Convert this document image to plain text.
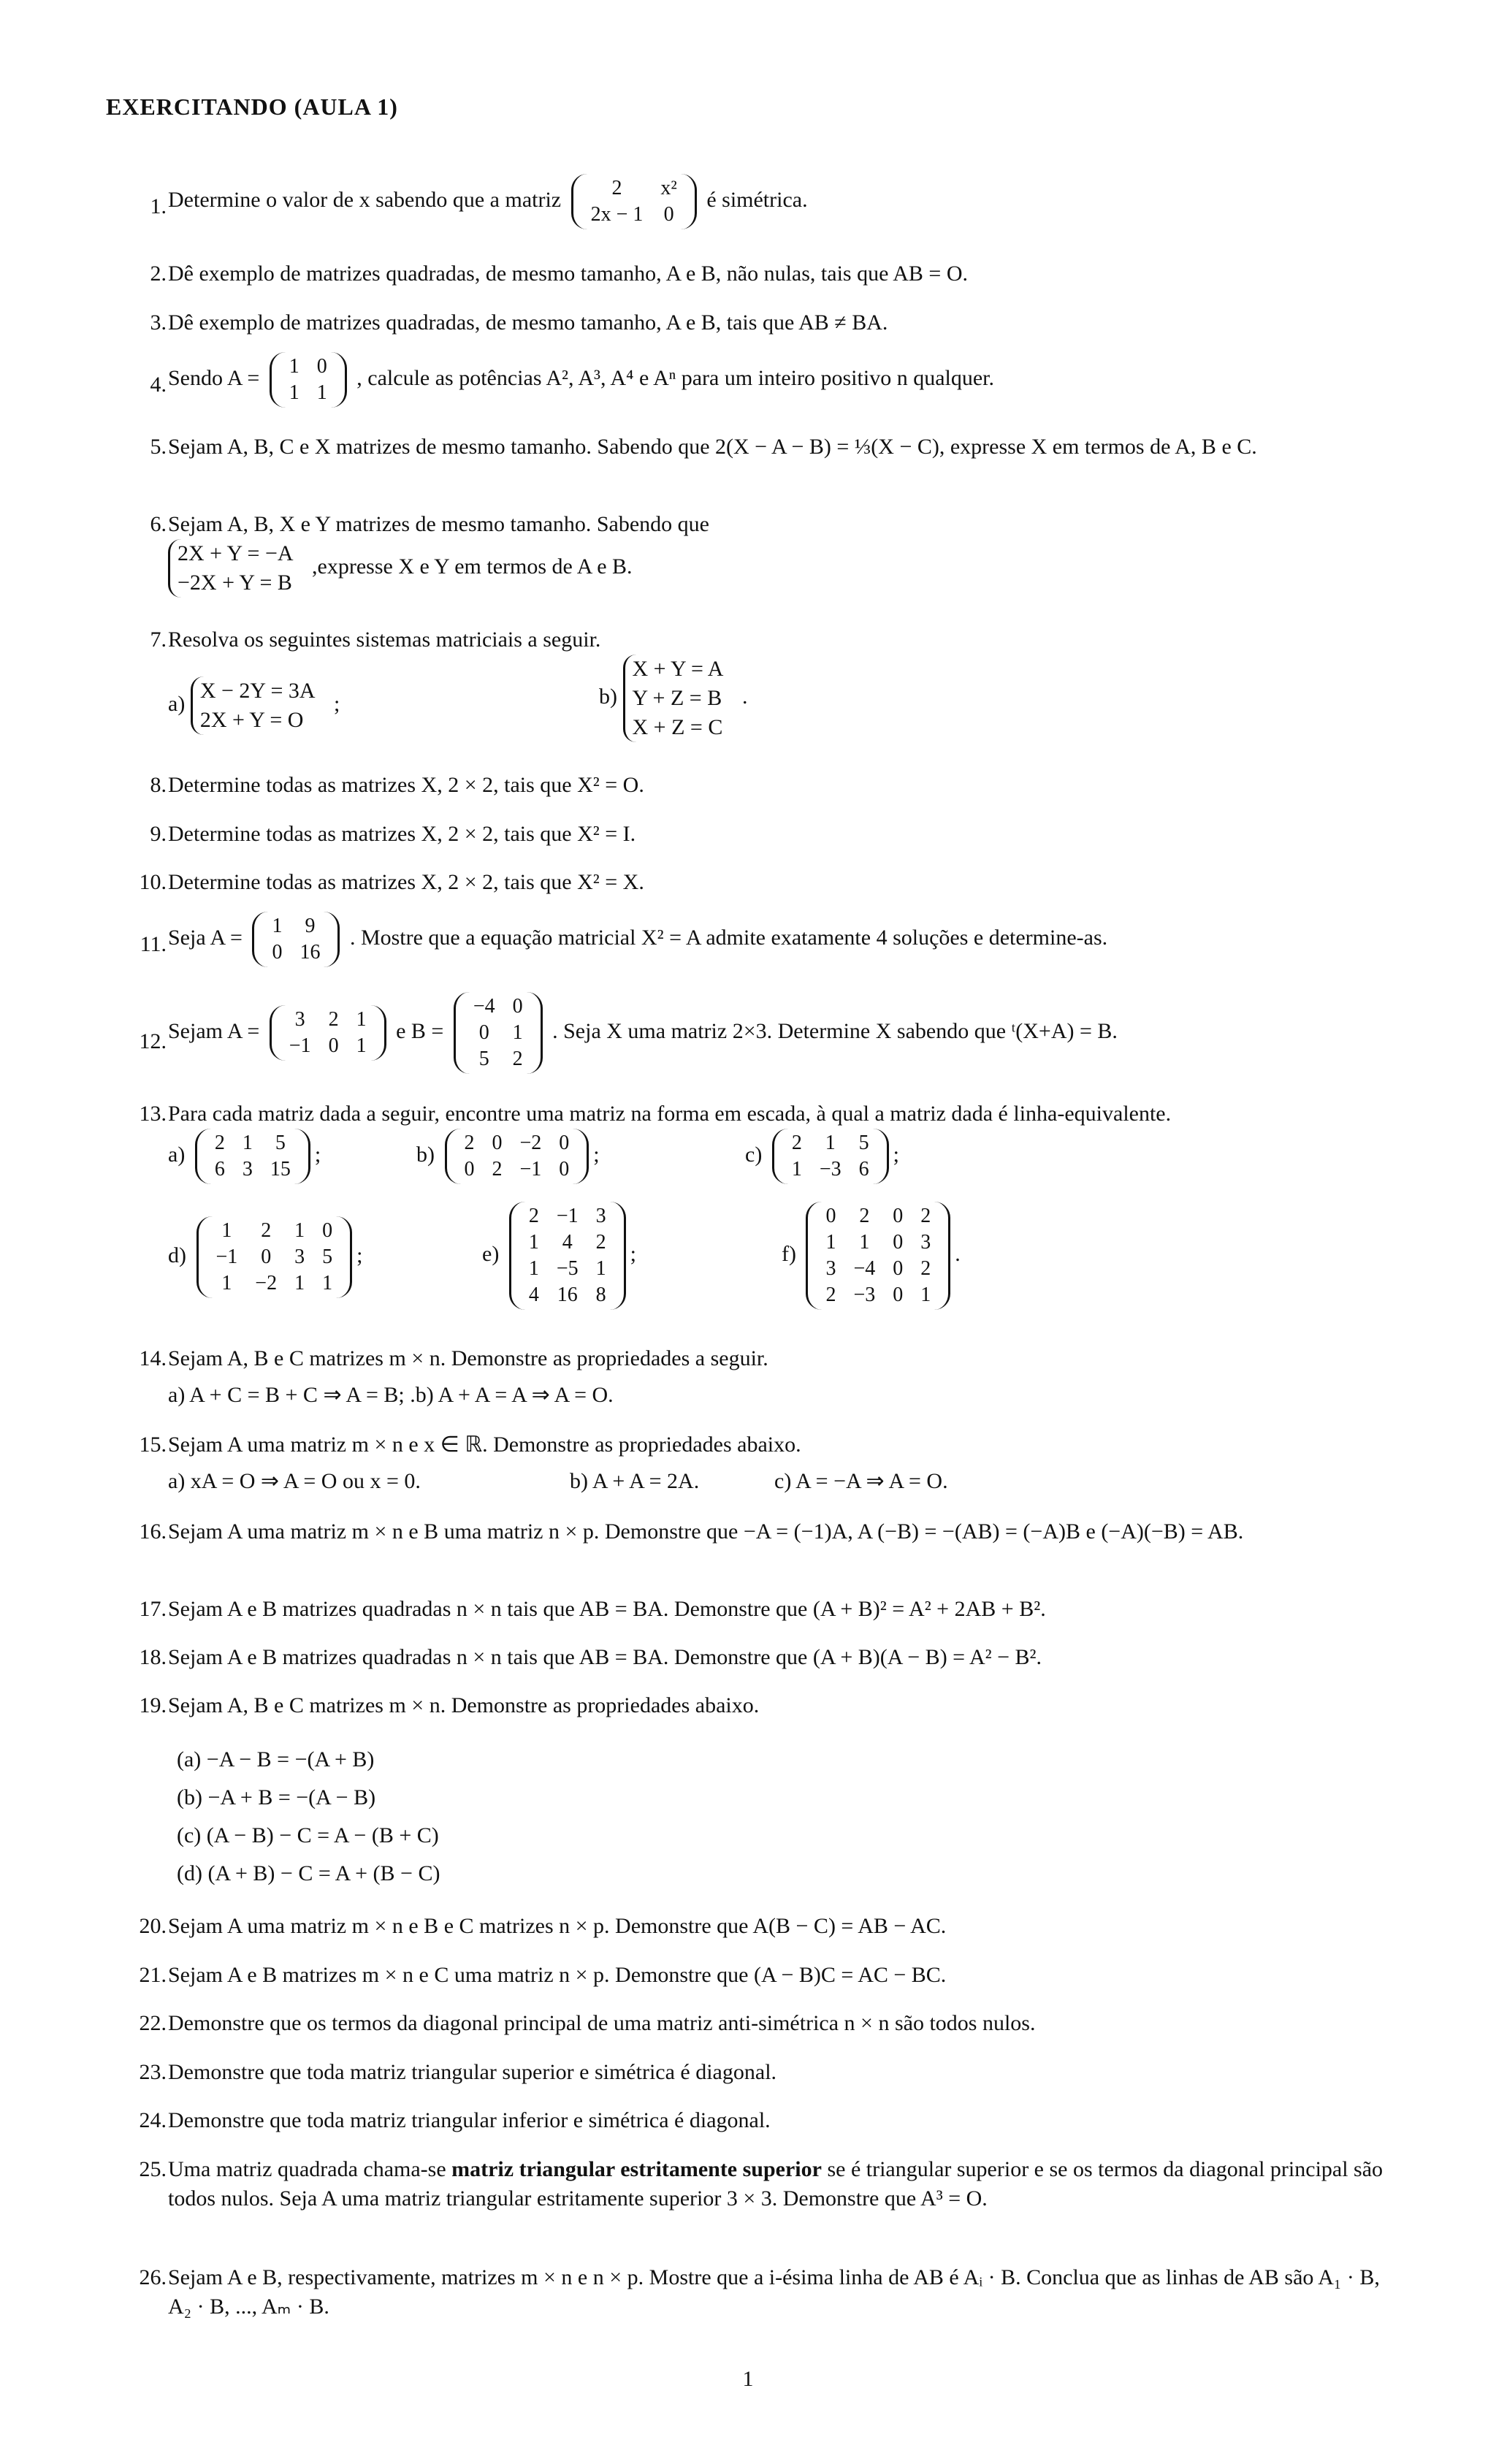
EXERCITANDO (AULA 1)
1. Determine o valor de x sabendo que a matriz 2	x²
2x − 1	0
é simétrica.
2. Dê exemplo de matrizes quadradas, de mesmo tamanho, A e B, não nulas, tais que AB = O.
3. Dê exemplo de matrizes quadradas, de mesmo tamanho, A e B, tais que AB ≠ BA.
4. Sendo A = 1	0
1	1
, calcule as potências A², A³, A⁴ e Aⁿ para um inteiro positivo n qualquer.
5. Sejam A, B, C e X matrizes de mesmo tamanho. Sabendo que 2(X − A − B) = ⅓(X − C), expresse X em termos de A, B e C.
6. Sejam A, B, X e Y matrizes de mesmo tamanho. Sabendo que
2X + Y = −A
−2X + Y = B
,expresse X e Y em termos de A e B.
7. Resolva os seguintes sistemas matriciais a seguir.
a)
X − 2Y = 3A
2X + Y = O
;	b)
X + Y = A
Y + Z = B
X + Z = C
.
8. Determine todas as matrizes X, 2 × 2, tais que X² = O.
9. Determine todas as matrizes X, 2 × 2, tais que X² = I.
10. Determine todas as matrizes X, 2 × 2, tais que X² = X.
11. Seja A = 1	9
0	16
. Mostre que a equação matricial X² = A admite exatamente 4 soluções e determine-as.
12. Sejam A = 3	2	1
−1	0	1
e B =
−4	0
0	1
5	2
. Seja X uma matriz 2×3. Determine X sabendo que ᵗ(X+A) = B.
13. Para cada matriz dada a seguir, encontre uma matriz na forma em escada, à qual a matriz dada é linha-equivalente.
a) 2	1	5
6	3	15
;	b) 2	0	−2	0
0	2	−1	0
;	c) 2	1	5
1	−3	6
;
d)
1	2	1	0
−1	0	3	5
1	−2	1	1
;	e)
2	−1	3
1	4	2
1	−5	1
4	16	8
;	f)
0	2	0	2
1	1	0	3
3	−4	0	2
2	−3	0	1
.
14. Sejam A, B e C matrizes m × n. Demonstre as propriedades a seguir.
a) A + C = B + C ⇒ A = B; .b) A + A = A ⇒ A = O.
15. Sejam A uma matriz m × n e x ∈ ℝ. Demonstre as propriedades abaixo.
a) xA = O ⇒ A = O ou x = 0.	b) A + A = 2A.	c) A = −A ⇒ A = O.
16. Sejam A uma matriz m × n e B uma matriz n × p. Demonstre que −A = (−1)A, A (−B) = −(AB) = (−A)B e (−A)(−B) = AB.
17. Sejam A e B matrizes quadradas n × n tais que AB = BA. Demonstre que (A + B)² = A² + 2AB + B².
18. Sejam A e B matrizes quadradas n × n tais que AB = BA. Demonstre que (A + B)(A − B) = A² − B².
19. Sejam A, B e C matrizes m × n. Demonstre as propriedades abaixo.
(a) −A − B = −(A + B)
(b) −A + B = −(A − B)
(c) (A − B) − C = A − (B + C)
(d) (A + B) − C = A + (B − C)
20. Sejam A uma matriz m × n e B e C matrizes n × p. Demonstre que A(B − C) = AB − AC.
21. Sejam A e B matrizes m × n e C uma matriz n × p. Demonstre que (A − B)C = AC − BC.
22. Demonstre que os termos da diagonal principal de uma matriz anti-simétrica n × n são todos nulos.
23. Demonstre que toda matriz triangular superior e simétrica é diagonal.
24. Demonstre que toda matriz triangular inferior e simétrica é diagonal.
25. Uma matriz quadrada chama-se matriz triangular estritamente superior se é triangular superior e se os termos da diagonal principal são todos nulos. Seja A uma matriz triangular estritamente superior 3 × 3. Demonstre que A³ = O.
26. Sejam A e B, respectivamente, matrizes m × n e n × p. Mostre que a i-ésima linha de AB é Aᵢ · B. Conclua que as linhas de AB são A₁ · B, A₂ · B, ..., Aₘ · B.
1
